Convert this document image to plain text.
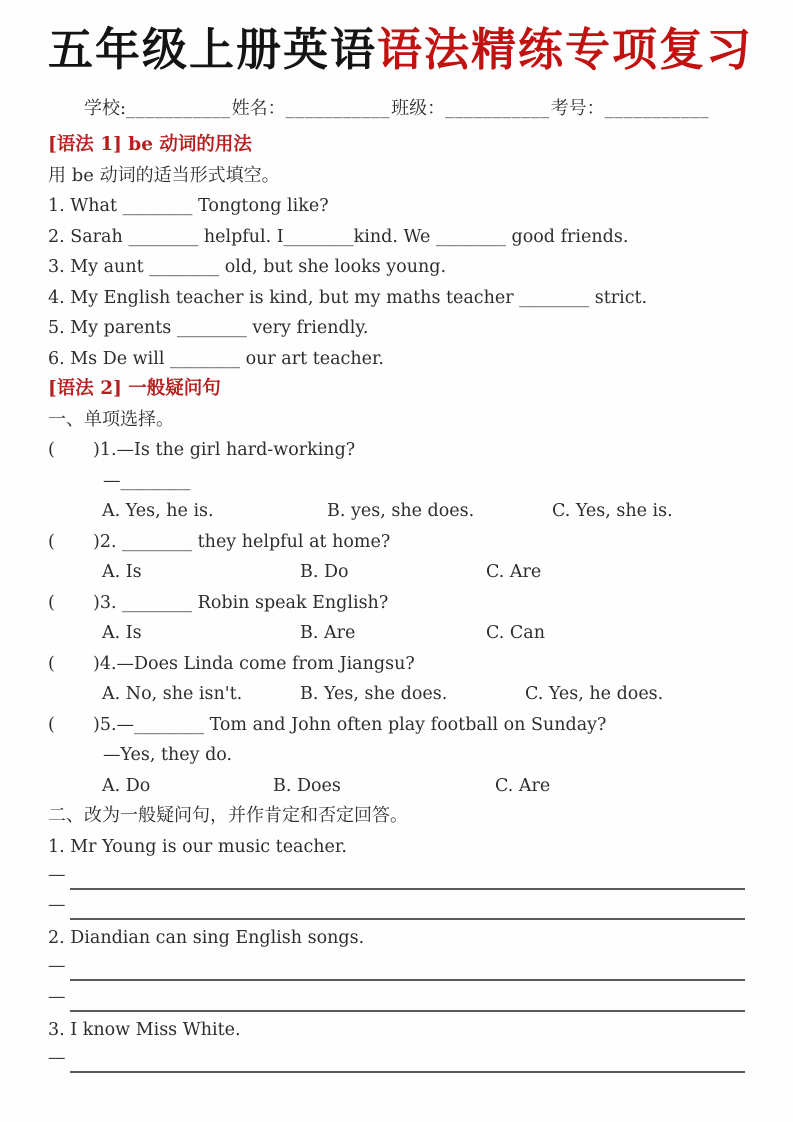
五年级上册英语语法精练专项复习
学校:___________姓名：___________班级：___________考号：___________
[语法 1] be 动词的用法
用 be 动词的适当形式填空。
1. What ________ Tongtong like?
2. Sarah ________ helpful. I________kind. We ________ good friends.
3. My aunt ________ old, but she looks young.
4. My English teacher is kind, but my maths teacher ________ strict.
5. My parents ________ very friendly.
6. Ms De will ________ our art teacher.
[语法 2] 一般疑问句
一、单项选择。
( )1.—Is the girl hard-working?
—________
A. Yes, he is.	B. yes, she does.	C. Yes, she is.
( )2. ________ they helpful at home?
A. Is	B. Do	C. Are
( )3. ________ Robin speak English?
A. Is	B. Are	C. Can
( )4.—Does Linda come from Jiangsu?
A. No, she isn't.	B. Yes, she does.	C. Yes, he does.
( )5.—________ Tom and John often play football on Sunday?
—Yes, they do.
A. Do	B. Does	C. Are
二、改为一般疑问句，并作肯定和否定回答。
1. Mr Young is our music teacher.
—
—
2. Diandian can sing English songs.
—
—
3. I know Miss White.
—
